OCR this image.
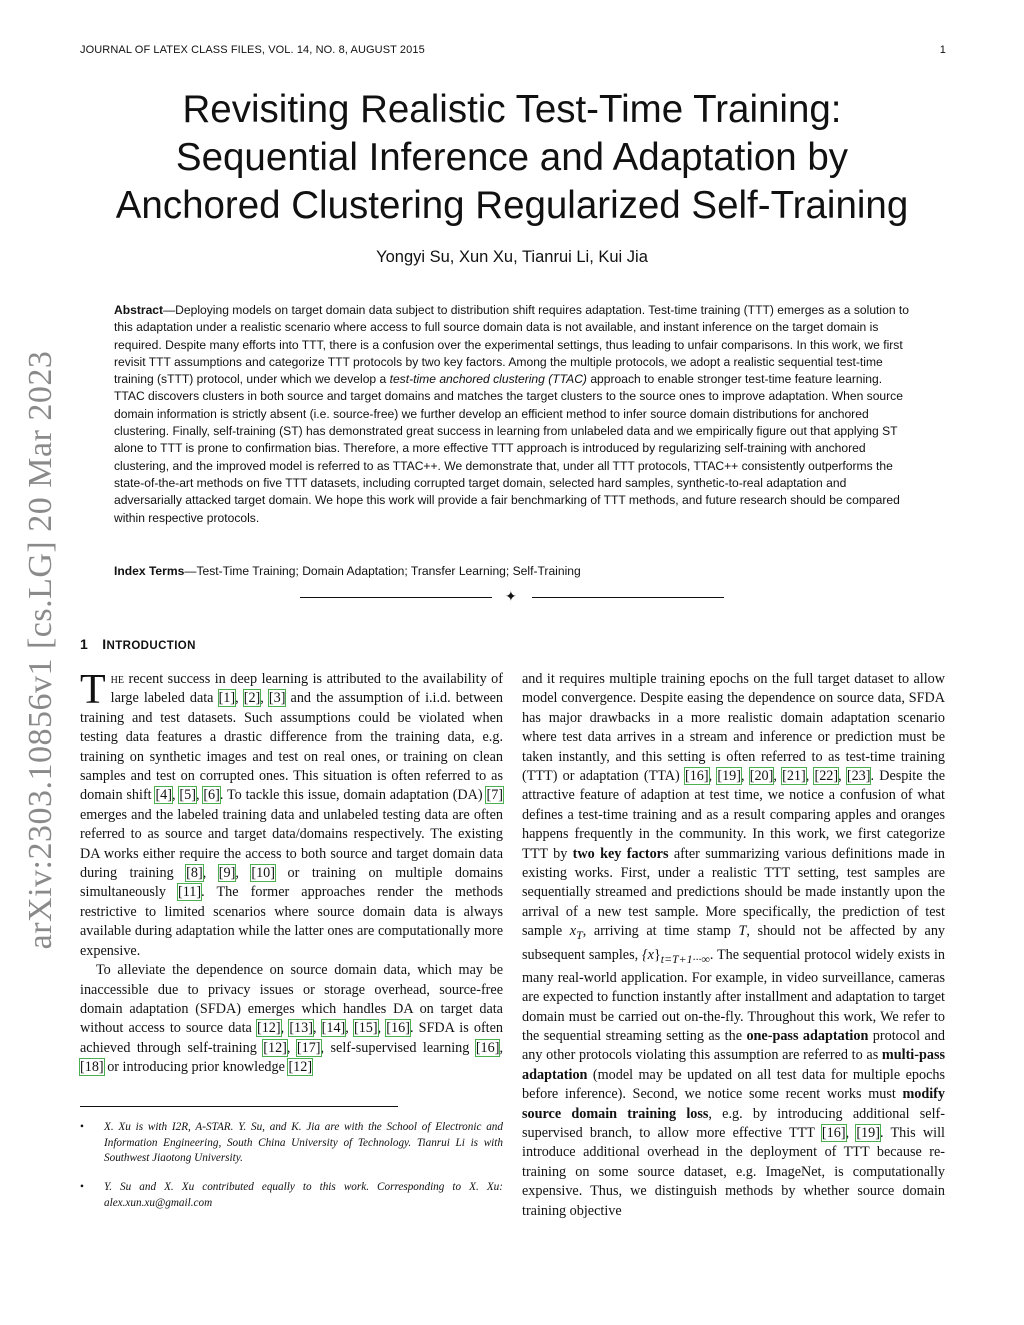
JOURNAL OF LATEX CLASS FILES, VOL. 14, NO. 8, AUGUST 2015	1
arXiv:2303.10856v1 [cs.LG] 20 Mar 2023
Revisiting Realistic Test-Time Training:
Sequential Inference and Adaptation by
Anchored Clustering Regularized Self-Training
Yongyi Su, Xun Xu, Tianrui Li, Kui Jia

Abstract—Deploying models on target domain data subject to distribution shift requires adaptation. Test-time training (TTT) emerges as a solution to this adaptation under a realistic scenario where access to full source domain data is not available, and instant inference on the target domain is required. Despite many efforts into TTT, there is a confusion over the experimental settings, thus leading to unfair comparisons. In this work, we first revisit TTT assumptions and categorize TTT protocols by two key factors. Among the multiple protocols, we adopt a realistic sequential test-time training (sTTT) protocol, under which we develop a test-time anchored clustering (TTAC) approach to enable stronger test-time feature learning. TTAC discovers clusters in both source and target domains and matches the target clusters to the source ones to improve adaptation. When source domain information is strictly absent (i.e. source-free) we further develop an efficient method to infer source domain distributions for anchored clustering. Finally, self-training (ST) has demonstrated great success in learning from unlabeled data and we empirically figure out that applying ST alone to TTT is prone to confirmation bias. Therefore, a more effective TTT approach is introduced by regularizing self-training with anchored clustering, and the improved model is referred to as TTAC++. We demonstrate that, under all TTT protocols, TTAC++ consistently outperforms the state-of-the-art methods on five TTT datasets, including corrupted target domain, selected hard samples, synthetic-to-real adaptation and adversarially attacked target domain. We hope this work will provide a fair benchmarking of TTT methods, and future research should be compared within respective protocols.

Index Terms—Test-Time Training; Domain Adaptation; Transfer Learning; Self-Training
✦
1 INTRODUCTION

The recent success in deep learning is attributed to the availability of large labeled data [1], [2], [3] and the assumption of i.i.d. between training and test datasets. Such assumptions could be violated when testing data features a drastic difference from the training data, e.g. training on synthetic images and test on real ones, or training on clean samples and test on corrupted ones. This situation is often referred to as domain shift [4], [5], [6]. To tackle this issue, domain adaptation (DA) [7] emerges and the labeled training data and unlabeled testing data are often referred to as source and target data/domains respectively. The existing DA works either require the access to both source and target domain data during training [8], [9], [10] or training on multiple domains simultaneously [11]. The former approaches render the methods restrictive to limited scenarios where source domain data is always available during adaptation while the latter ones are computationally more expensive.

To alleviate the dependence on source domain data, which may be inaccessible due to privacy issues or storage overhead, source-free domain adaptation (SFDA) emerges which handles DA on target data without access to source data [12], [13], [14], [15], [16]. SFDA is often achieved through self-training [12], [17], self-supervised learning [16], [18] or introducing prior knowledge [12]

• X. Xu is with I2R, A-STAR. Y. Su, and K. Jia are with the School of Electronic and Information Engineering, South China University of Technology. Tianrui Li is with Southwest Jiaotong University.
• Y. Su and X. Xu contributed equally to this work. Corresponding to X. Xu: alex.xun.xu@gmail.com

and it requires multiple training epochs on the full target dataset to allow model convergence. Despite easing the dependence on source data, SFDA has major drawbacks in a more realistic domain adaptation scenario where test data arrives in a stream and inference or prediction must be taken instantly, and this setting is often referred to as test-time training (TTT) or adaptation (TTA) [16], [19], [20], [21], [22], [23]. Despite the attractive feature of adaption at test time, we notice a confusion of what defines a test-time training and as a result comparing apples and oranges happens frequently in the community. In this work, we first categorize TTT by two key factors after summarizing various definitions made in existing works. First, under a realistic TTT setting, test samples are sequentially streamed and predictions should be made instantly upon the arrival of a new test sample. More specifically, the prediction of test sample $x_T$, arriving at time stamp T, should not be affected by any subsequent samples, $\{x\}_{t=T+1\cdot\cdot\cdot\infty}$. The sequential protocol widely exists in many real-world application. For example, in video surveillance, cameras are expected to function instantly after installment and adaptation to target domain must be carried out on-the-fly. Throughout this work, We refer to the sequential streaming setting as the one-pass adaptation protocol and any other protocols violating this assumption are referred to as multi-pass adaptation (model may be updated on all test data for multiple epochs before inference). Second, we notice some recent works must modify source domain training loss, e.g. by introducing additional self-supervised branch, to allow more effective TTT [16], [19]. This will introduce additional overhead in the deployment of TTT because re-training on some source dataset, e.g. ImageNet, is computationally expensive. Thus, we distinguish methods by whether source domain training objective
